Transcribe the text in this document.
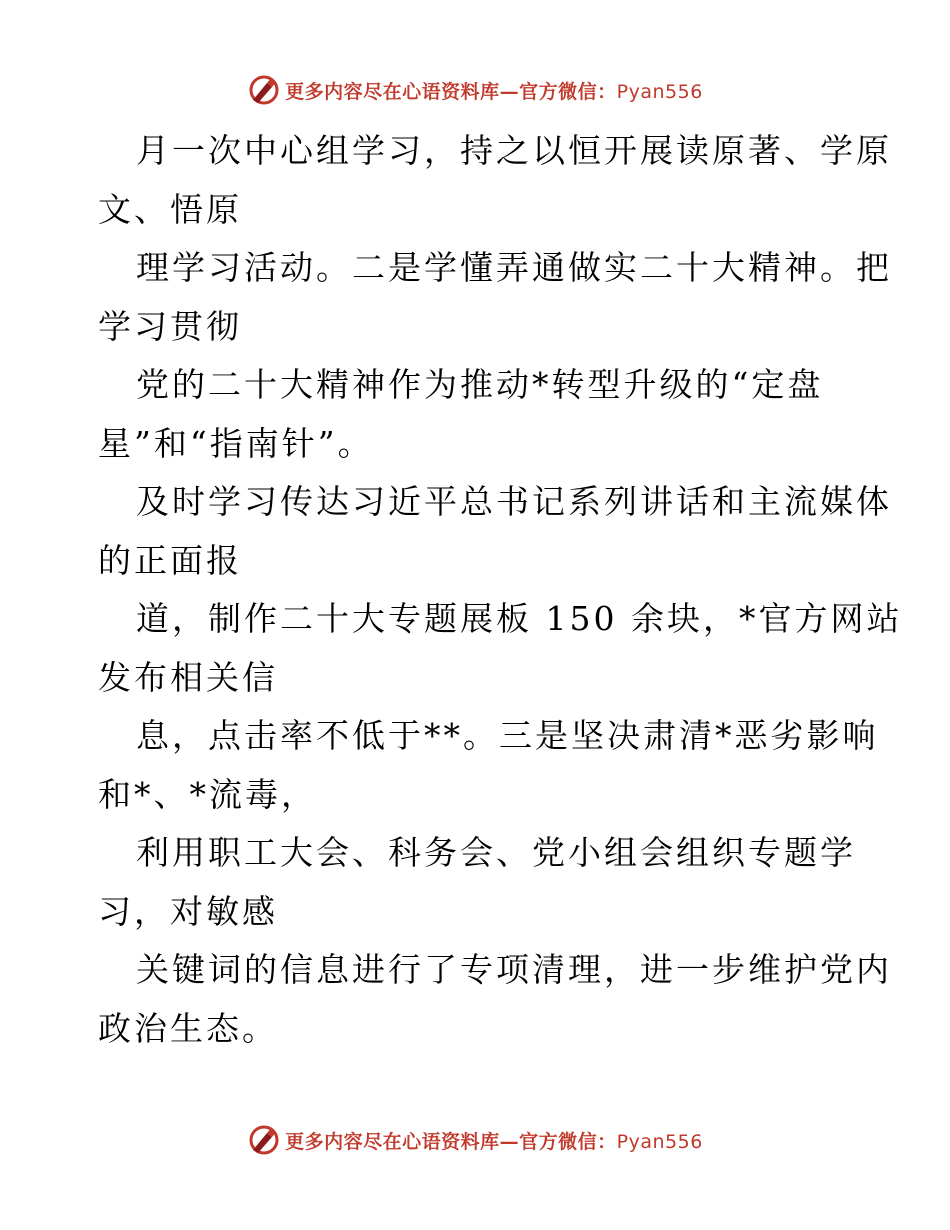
更多内容尽在心语资料库—官方微信：Pyan556
月一次中心组学习，持之以恒开展读原著、学原
文、悟原
理学习活动。二是学懂弄通做实二十大精神。把
学习贯彻
党的二十大精神作为推动*转型升级的“定盘
星”和“指南针”。
及时学习传达习近平总书记系列讲话和主流媒体
的正面报
道，制作二十大专题展板 150 余块，*官方网站
发布相关信
息，点击率不低于**。三是坚决肃清*恶劣影响
和*、*流毒，
利用职工大会、科务会、党小组会组织专题学
习，对敏感
关键词的信息进行了专项清理，进一步维护党内
政治生态。
更多内容尽在心语资料库—官方微信：Pyan556
